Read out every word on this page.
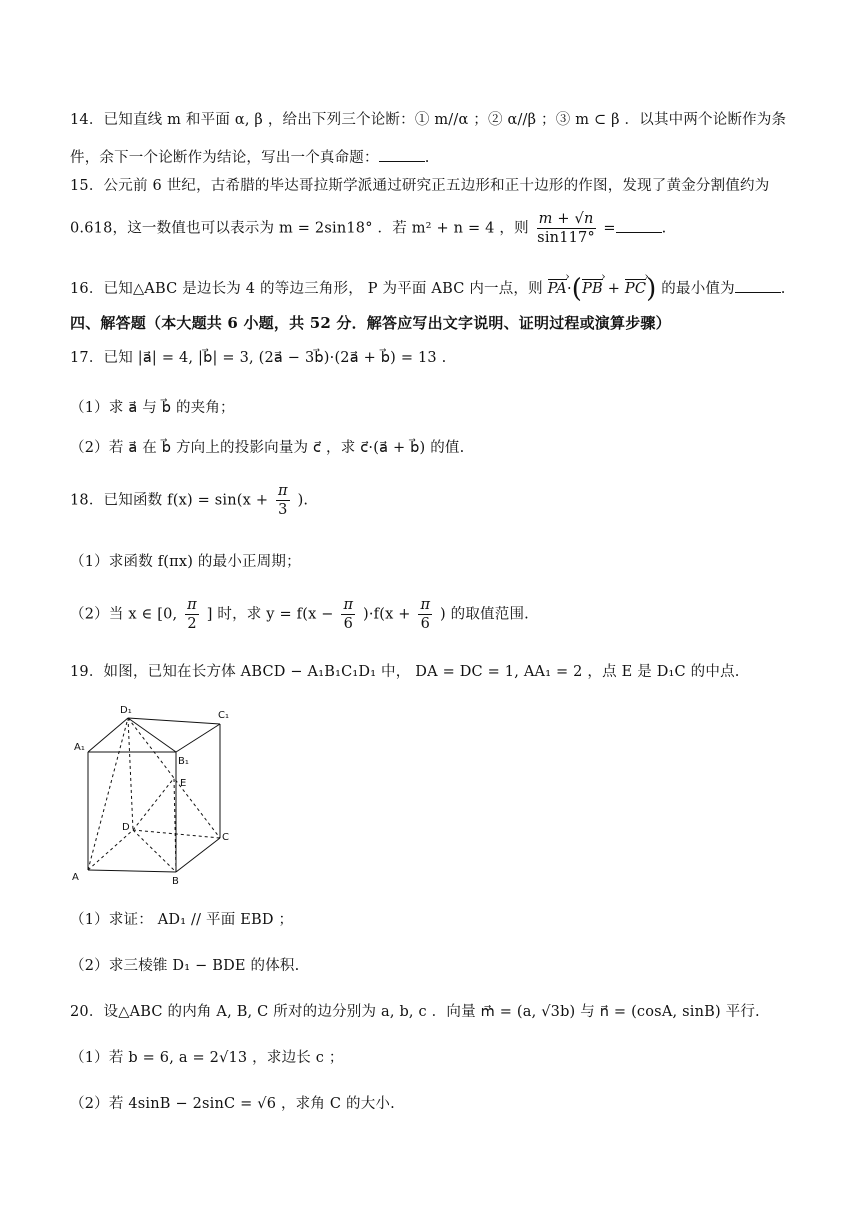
14．已知直线 m 和平面 α, β ，给出下列三个论断：① m//α ；② α//β ；③ m ⊂ β ．以其中两个论断作为条
件，余下一个论断作为结论，写出一个真命题：	.
15．公元前 6 世纪，古希腊的毕达哥拉斯学派通过研究正五边形和正十边形的作图，发现了黄金分割值约为
0.618，这一数值也可以表示为 m = 2sin18° ．若 m² + n = 4 ，则 $\frac{m + √n}{\sin 117^\circ}$ =	.
16．已知△ABC 是边长为 4 的等边三角形， P 为平面 ABC 内一点，则 PA ›·(PB › + PC ›) 的最小值为	.
四、解答题（本大题共 6 小题，共 52 分．解答应写出文字说明、证明过程或演算步骤）
17．已知 |a⃗| = 4, |b⃗| = 3, (2a⃗ − 3b⃗)·(2a⃗ + b⃗) = 13 .
（1）求 a⃗ 与 b⃗ 的夹角；
（2）若 a⃗ 在 b⃗ 方向上的投影向量为 c⃗ ，求 c⃗·(a⃗ + b⃗) 的值.
18．已知函数 $f(x) = \sin(x + \frac{\pi}{3}$ ).
（1）求函数 f(πx) 的最小正周期；
（2）当 x ∈ [0, $\frac{\pi}{2}$ ] 时，求 $y = f(x - \frac{\pi}{6} )\cdot f(x + \frac{\pi}{6}$ ) 的取值范围.
19．如图，已知在长方体 ABCD − A₁B₁C₁D₁ 中， DA = DC = 1, AA₁ = 2 ，点 E 是 D₁C 的中点.
D₁	C₁
A₁
B₁
E
D
C
A	B
（1）求证： AD₁ // 平面 EBD ；
（2）求三棱锥 D₁ − BDE 的体积.
20．设△ABC 的内角 A, B, C 所对的边分别为 a, b, c ．向量 m⃗ = (a, √3b) 与 n⃗ = (cosA, sinB) 平行.
（1）若 b = 6, a = 2√13 ，求边长 c ；
（2）若 4sinB − 2sinC = √6 ，求角 C 的大小.
